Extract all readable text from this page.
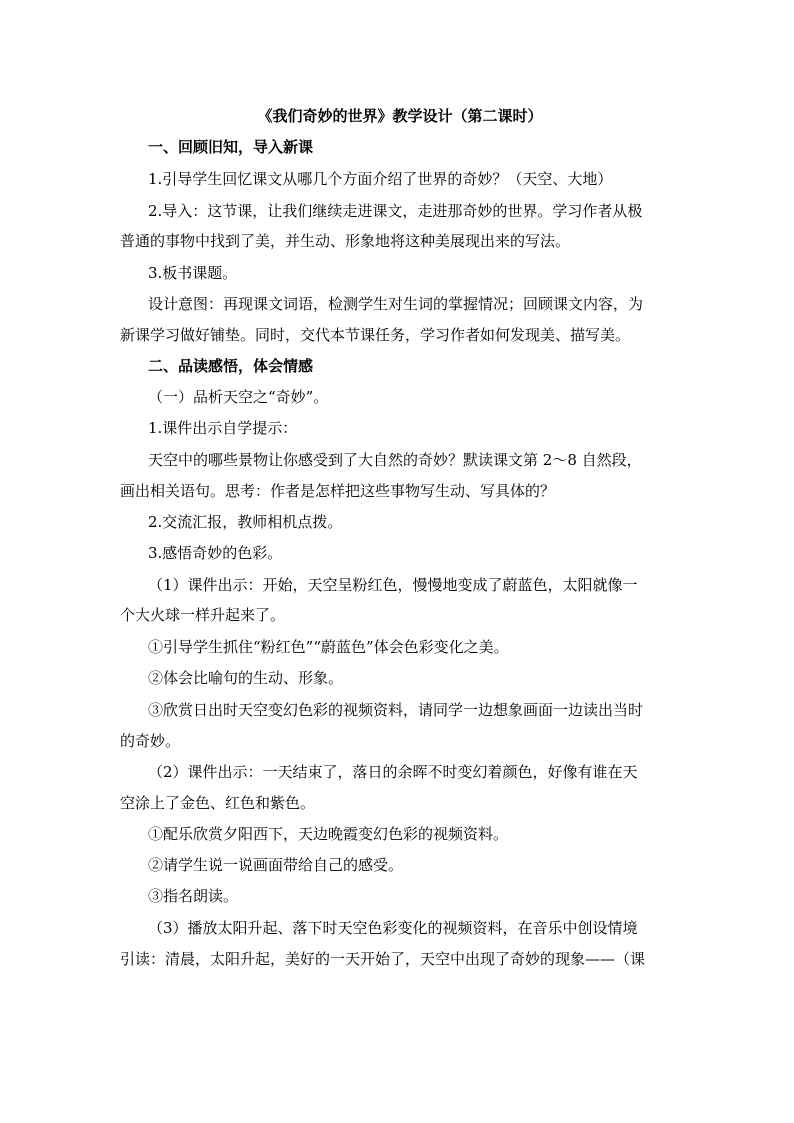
《我们奇妙的世界》教学设计（第二课时）
一、回顾旧知，导入新课
1.引导学生回忆课文从哪几个方面介绍了世界的奇妙？（天空、大地）
2.导入：这节课，让我们继续走进课文，走进那奇妙的世界。学习作者从极
普通的事物中找到了美，并生动、形象地将这种美展现出来的写法。
3.板书课题。
设计意图：再现课文词语，检测学生对生词的掌握情况；回顾课文内容，为
新课学习做好铺垫。同时，交代本节课任务，学习作者如何发现美、描写美。
二、品读感悟，体会情感
（一）品析天空之“奇妙”。
1.课件出示自学提示：
天空中的哪些景物让你感受到了大自然的奇妙？默读课文第 2～8 自然段，
画出相关语句。思考：作者是怎样把这些事物写生动、写具体的？
2.交流汇报，教师相机点拨。
3.感悟奇妙的色彩。
（1）课件出示：开始，天空呈粉红色，慢慢地变成了蔚蓝色，太阳就像一
个大火球一样升起来了。
①引导学生抓住“粉红色”“蔚蓝色”体会色彩变化之美。
②体会比喻句的生动、形象。
③欣赏日出时天空变幻色彩的视频资料，请同学一边想象画面一边读出当时
的奇妙。
（2）课件出示：一天结束了，落日的余晖不时变幻着颜色，好像有谁在天
空涂上了金色、红色和紫色。
①配乐欣赏夕阳西下，天边晚霞变幻色彩的视频资料。
②请学生说一说画面带给自己的感受。
③指名朗读。
（3）播放太阳升起、落下时天空色彩变化的视频资料，在音乐中创设情境
引读：清晨，太阳升起，美好的一天开始了，天空中出现了奇妙的现象——（课
